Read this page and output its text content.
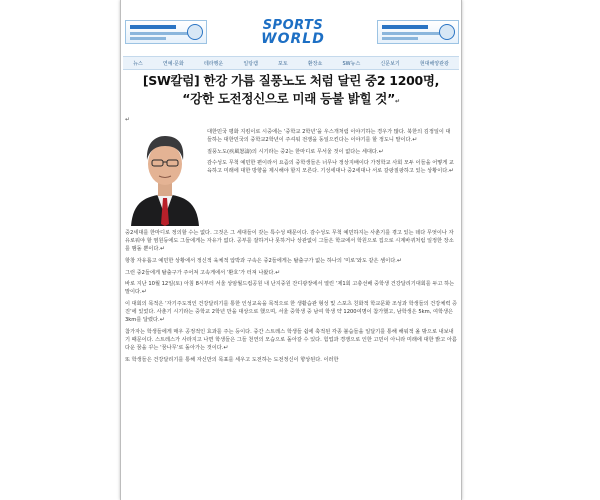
SPORTS
WORLD
뉴스	연예·문화	테라행운	일탕캠	포토	환장쇼	SW뉴스	신문보기	현대해양관광
[SW칼럼] 한강 가름 질풍노도 처럼 달린 중2 1200명,
“강한 도전정신으로 미래 등불 밝힐 것”↵
↵

대한민국 평화 지킴이로 시중에는 ‘중학교 2학년’을 우스개처럼 이야기하는 경우가 많다. 북한의 김정일이 대들하는 대한민국의 중학교2학년이 주셔워 전쟁을 동일으킨다는 이야기를 할 정도니 말이다.↵

질풍노도(疾風怒濤)의 시기라는 중2는 한마디로 무서울 것이 없다는 세대다.↵

감수성도 무척 예민한 편이라서 요즘의 중학생들은 너무나 정상지배이다 가정학교 사회 모두 이들을 어떻게 교육하고 미래에 대한 방향을 제시해야 할지 모른다. 기성세대나 중2세대나 서로 갈팡질팡하고 있는 상황이다.↵

중2세대를 한마디로 정의할 수는 없다. 그것은 그 세대들이 갖는 특수성 때문이다. 감수성도 무척 예민하지는 사춘기를 겪고 있는 데다 무엇이나 자유로워야 할 염원등에도 그들에게는 자유가 없다. 공부를 잘하거나 못하거나 상관없이 그들은 학교에서 학원으로 집으로 시계바퀴처럼 일정한 장소를 맴돌 뿐이다.↵

항창 자유롭고 예민한 상황에서 정신적 육체적 압박과 구속은 중2들에게는 탈출구가 없는 하나의 ‘미로’와도 같은 셈이다.↵

그런 중2들에게 탈출구가 주어져 고속게에서 ‘환호’가 터져 나왔다.↵

바로 지난 10월 12일(토) 아침 8시부터 서울 상암월드컵공원 내 난지중원 잔디광장에서 열린 ‘제1회 고충선배 중학생 건강달리기대회를 두고 하는 말이다.↵

이 대회의 목적은 ‘자기주도적인 건강달리기를 통한 인성교육을 목적으로 한 생활습관 형성 및 스포츠 친화적 학교문화 조성과 학생들의 건강체력 증진’에 있었다. 사춘기 시기라는 중학교 2학년 만을 대상으로 했으며, 서울 중학생 중 남여 학생 약 1200여명이 참가했고, 남학생은 5km, 여학생은 3km를 달렸다.↵

참가자는 학생들에게 매우 공정적인 효과를 주는 등이다. 중간 스트레스 학생들 쉽에 축적된 각종 불습들을 일달기를 통해 해워적 올 밖으로 내보내기 때문이다. 스트레스가 사라지고 나면 학생들은 그들 천연의 모습으로 돌아갈 수 있다. 힘업과 경쟁으로 인한 고민이 아니라 미래에 대한 밝고 아름다운 꿈을 꾸는 ‘꿈나무’로 돌아가는 것이다.↵

또 학생들은 건강달리기를 통해 자신만의 목표를 세우고 도전하는 도전정신이 향상된다. 이러한
